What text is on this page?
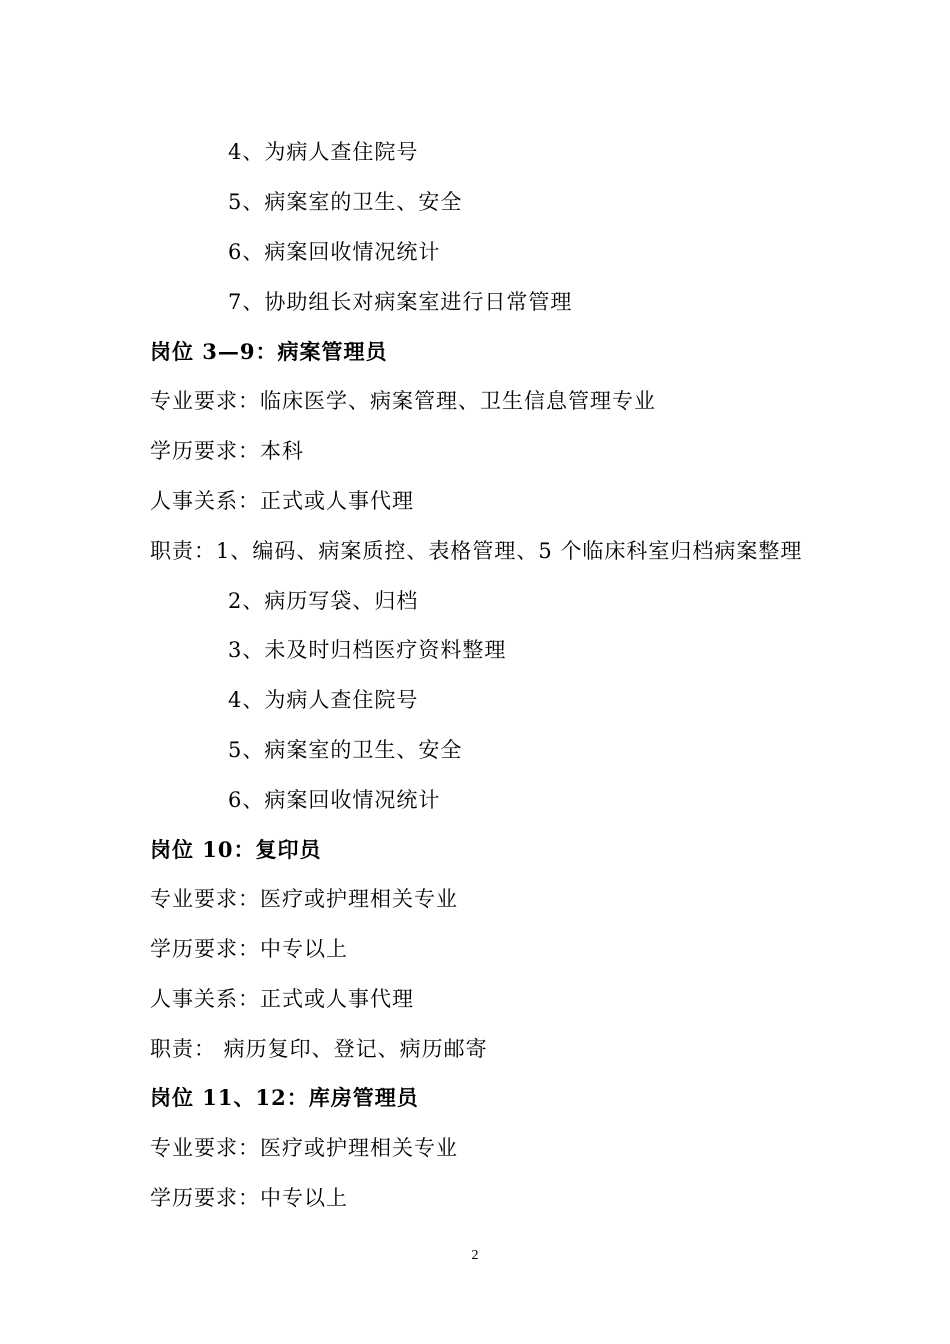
4、为病人查住院号
5、病案室的卫生、安全
6、病案回收情况统计
7、协助组长对病案室进行日常管理
岗位 3—9：病案管理员
专业要求：临床医学、病案管理、卫生信息管理专业
学历要求：本科
人事关系：正式或人事代理
职责：1、编码、病案质控、表格管理、5 个临床科室归档病案整理
2、病历写袋、归档
3、未及时归档医疗资料整理
4、为病人查住院号
5、病案室的卫生、安全
6、病案回收情况统计
岗位 10：复印员
专业要求：医疗或护理相关专业
学历要求：中专以上
人事关系：正式或人事代理
职责： 病历复印、登记、病历邮寄
岗位 11、12：库房管理员
专业要求：医疗或护理相关专业
学历要求：中专以上
2
